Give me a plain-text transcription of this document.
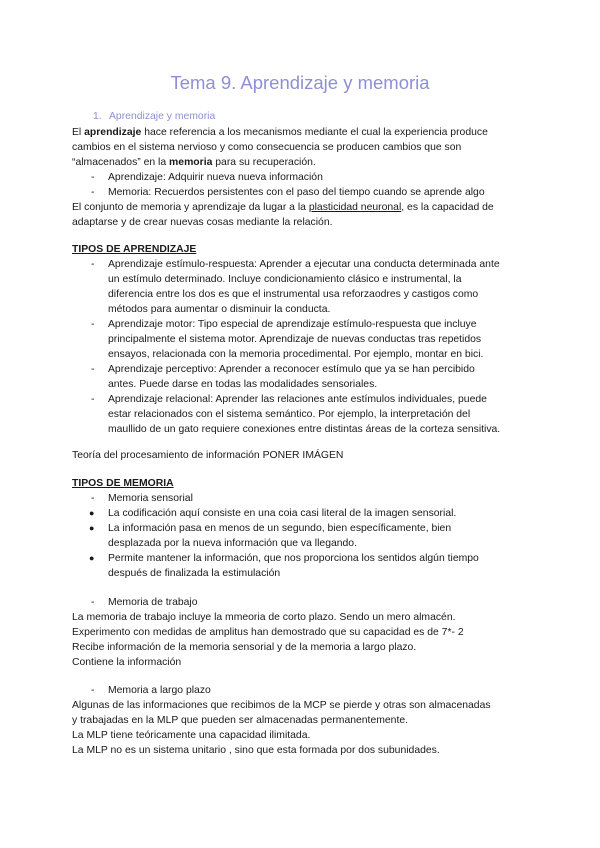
Tema 9. Aprendizaje y memoria
1. Aprendizaje y memoria
El aprendizaje hace referencia a los mecanismos mediante el cual la experiencia produce
cambios en el sistema nervioso y como consecuencia se producen cambios que son
“almacenados” en la memoria para su recuperación.
- Aprendizaje: Adquirir nueva nueva información
- Memoria: Recuerdos persistentes con el paso del tiempo cuando se aprende algo
El conjunto de memoria y aprendizaje da lugar a la plasticidad neuronal, es la capacidad de
adaptarse y de crear nuevas cosas mediante la relación.
TIPOS DE APRENDIZAJE
- Aprendizaje estímulo-respuesta: Aprender a ejecutar una conducta determinada ante
un estímulo determinado. Incluye condicionamiento clásico e instrumental, la
diferencia entre los dos es que el instrumental usa reforzaodres y castigos como
métodos para aumentar o disminuir la conducta.
- Aprendizaje motor: Tipo especial de aprendizaje estímulo-respuesta que incluye
principalmente el sistema motor. Aprendizaje de nuevas conductas tras repetidos
ensayos, relacionada con la memoria procedimental. Por ejemplo, montar en bici.
- Aprendizaje perceptivo: Aprender a reconocer estímulo que ya se han percibido
antes. Puede darse en todas las modalidades sensoriales.
- Aprendizaje relacional: Aprender las relaciones ante estímulos individuales, puede
estar relacionados con el sistema semántico. Por ejemplo, la interpretación del
maullido de un gato requiere conexiones entre distintas áreas de la corteza sensitiva.
Teoría del procesamiento de información PONER IMÁGEN
TIPOS DE MEMORIA
- Memoria sensorial
● La codificación aquí consiste en una coia casi literal de la imagen sensorial.
● La información pasa en menos de un segundo, bien específicamente, bien
desplazada por la nueva información que va llegando.
● Permite mantener la información, que nos proporciona los sentidos algún tiempo
después de finalizada la estimulación
- Memoria de trabajo
La memoria de trabajo incluye la mmeoria de corto plazo. Sendo un mero almacén.
Experimento con medidas de amplitus han demostrado que su capacidad es de 7*- 2
Recibe información de la memoria sensorial y de la memoria a largo plazo.
Contiene la información
- Memoria a largo plazo
Algunas de las informaciones que recibimos de la MCP se pierde y otras son almacenadas
y trabajadas en la MLP que pueden ser almacenadas permanentemente.
La MLP tiene teóricamente una capacidad ilimitada.
La MLP no es un sistema unitario , sino que esta formada por dos subunidades.
